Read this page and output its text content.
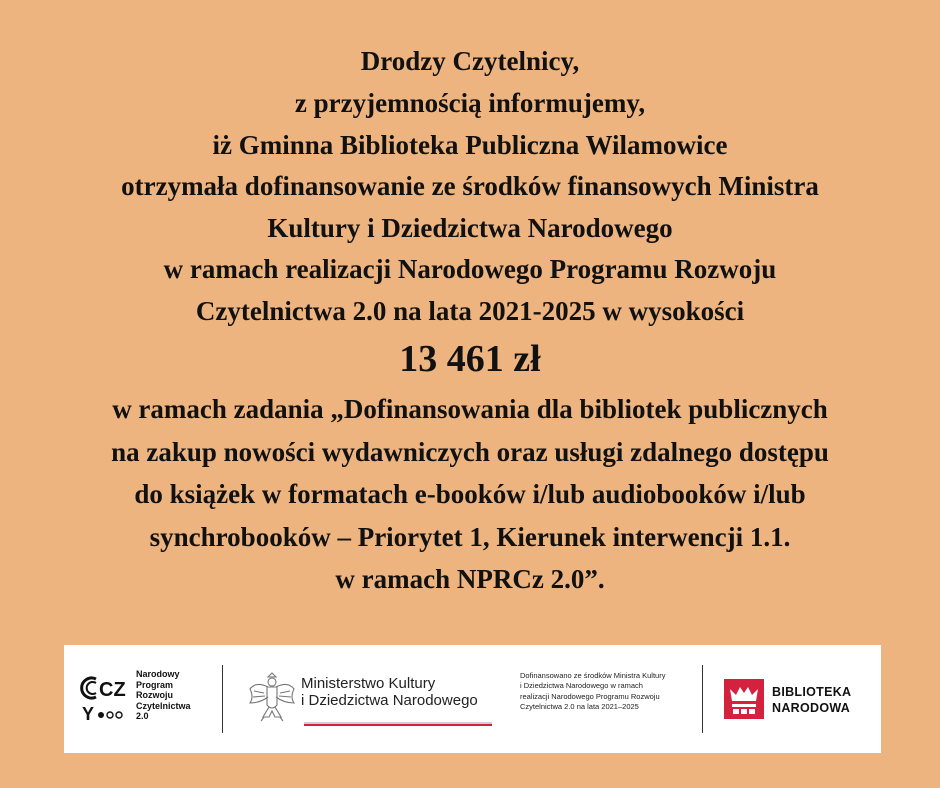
Drodzy Czytelnicy,
z przyjemnością informujemy,
iż Gminna Biblioteka Publiczna Wilamowice
otrzymała dofinansowanie ze środków finansowych Ministra
Kultury i Dziedzictwa Narodowego
w ramach realizacji Narodowego Programu Rozwoju
Czytelnictwa 2.0 na lata 2021-2025 w wysokości
13 461 zł
w ramach zadania „Dofinansowania dla bibliotek publicznych
na zakup nowości wydawniczych oraz usługi zdalnego dostępu
do książek w formatach e-booków i/lub audiobooków i/lub
synchrobooków – Priorytet 1, Kierunek interwencji 1.1.
w ramach NPRCz 2.0”.
CZ
Y
Narodowy
Program
Rozwoju
Czytelnictwa
2.0
Ministerstwo Kultury
i Dziedzictwa Narodowego
Dofinansowano ze środków Ministra Kultury
i Dziedzictwa Narodowego w ramach
realizacji Narodowego Programu Rozwoju
Czytelnictwa 2.0 na lata 2021–2025
BIBLIOTEKA
NARODOWA
